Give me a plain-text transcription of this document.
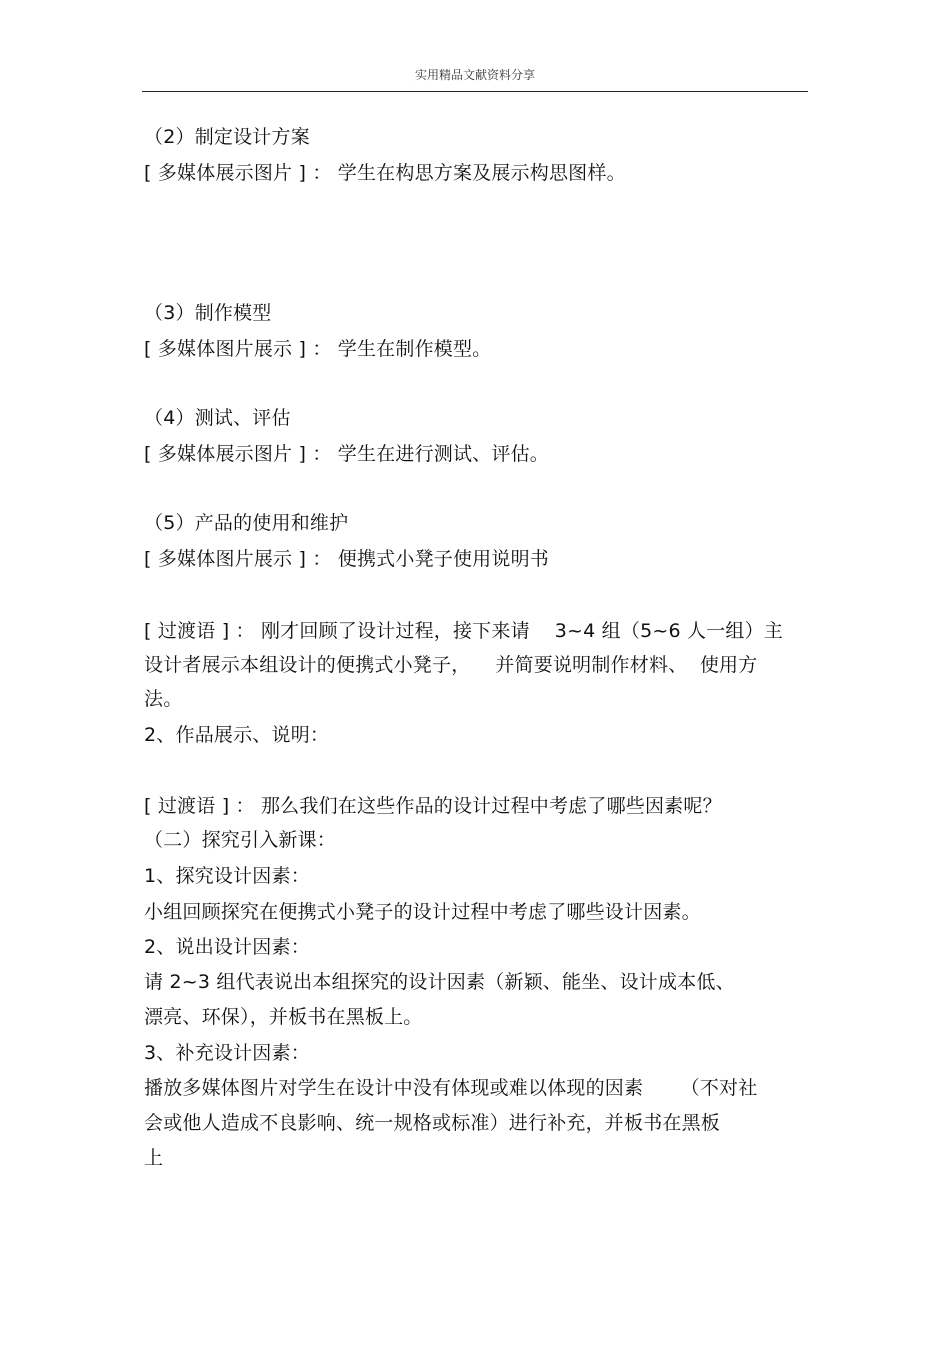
实用精品文献资料分享
（2）制定设计方案
[ 多媒体展示图片 ] ： 学生在构思方案及展示构思图样。
（3）制作模型
[ 多媒体图片展示 ] ： 学生在制作模型。
（4）测试、评估
[ 多媒体展示图片 ] ： 学生在进行测试、评估。
（5）产品的使用和维护
[ 多媒体图片展示 ] ： 便携式小凳子使用说明书
[ 过渡语 ] ： 刚才回顾了设计过程，接下来请    3~4 组（5~6 人一组）主
设计者展示本组设计的便携式小凳子，    并简要说明制作材料、  使用方
法。
2、作品展示、说明：
[ 过渡语 ] ： 那么我们在这些作品的设计过程中考虑了哪些因素呢？
（二）探究引入新课：
1、探究设计因素：
小组回顾探究在便携式小凳子的设计过程中考虑了哪些设计因素。
2、说出设计因素：
请 2~3 组代表说出本组探究的设计因素（新颖、能坐、设计成本低、
漂亮、环保），并板书在黑板上。
3、补充设计因素：
播放多媒体图片对学生在设计中没有体现或难以体现的因素      （不对社
会或他人造成不良影响、统一规格或标准）进行补充，并板书在黑板
上
